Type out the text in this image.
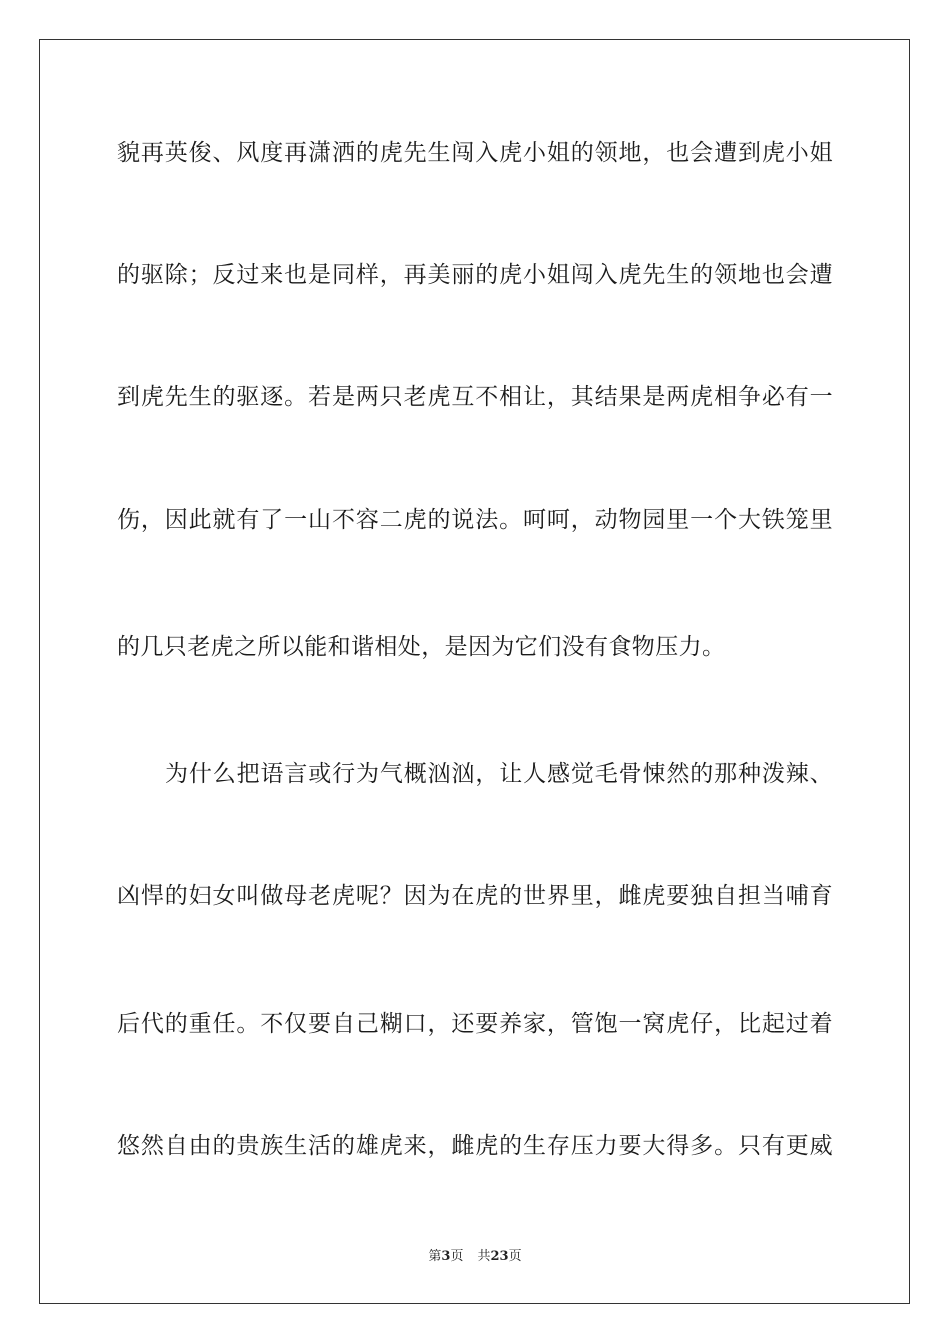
貌再英俊、风度再潇洒的虎先生闯入虎小姐的领地，也会遭到虎小姐
的驱除；反过来也是同样，再美丽的虎小姐闯入虎先生的领地也会遭
到虎先生的驱逐。若是两只老虎互不相让，其结果是两虎相争必有一
伤，因此就有了一山不容二虎的说法。呵呵，动物园里一个大铁笼里
的几只老虎之所以能和谐相处，是因为它们没有食物压力。
为什么把语言或行为气概汹汹，让人感觉毛骨悚然的那种泼辣、
凶悍的妇女叫做母老虎呢？因为在虎的世界里，雌虎要独自担当哺育
后代的重任。不仅要自己糊口，还要养家，管饱一窝虎仔，比起过着
悠然自由的贵族生活的雄虎来，雌虎的生存压力要大得多。只有更威
第3页 共23页
